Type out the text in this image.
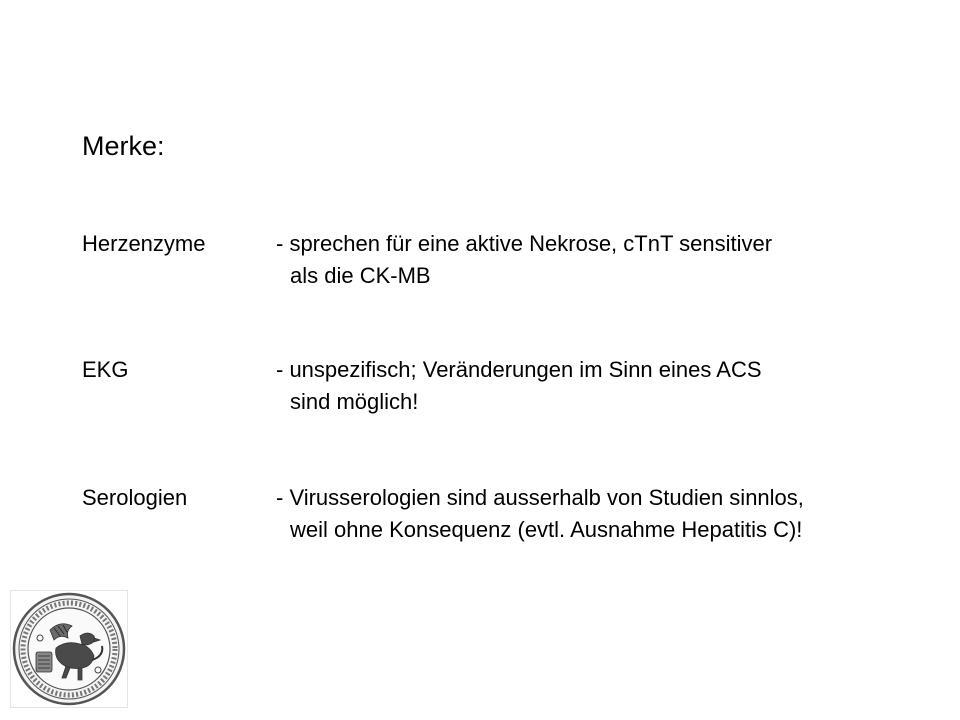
Merke:
Herzenzyme	- sprechen für eine aktive Nekrose, cTnT sensitiver
als die CK-MB
EKG	- unspezifisch; Veränderungen im Sinn eines ACS
sind möglich!
Serologien	- Virusserologien sind ausserhalb von Studien sinnlos,
weil ohne Konsequenz (evtl. Ausnahme Hepatitis C)!
